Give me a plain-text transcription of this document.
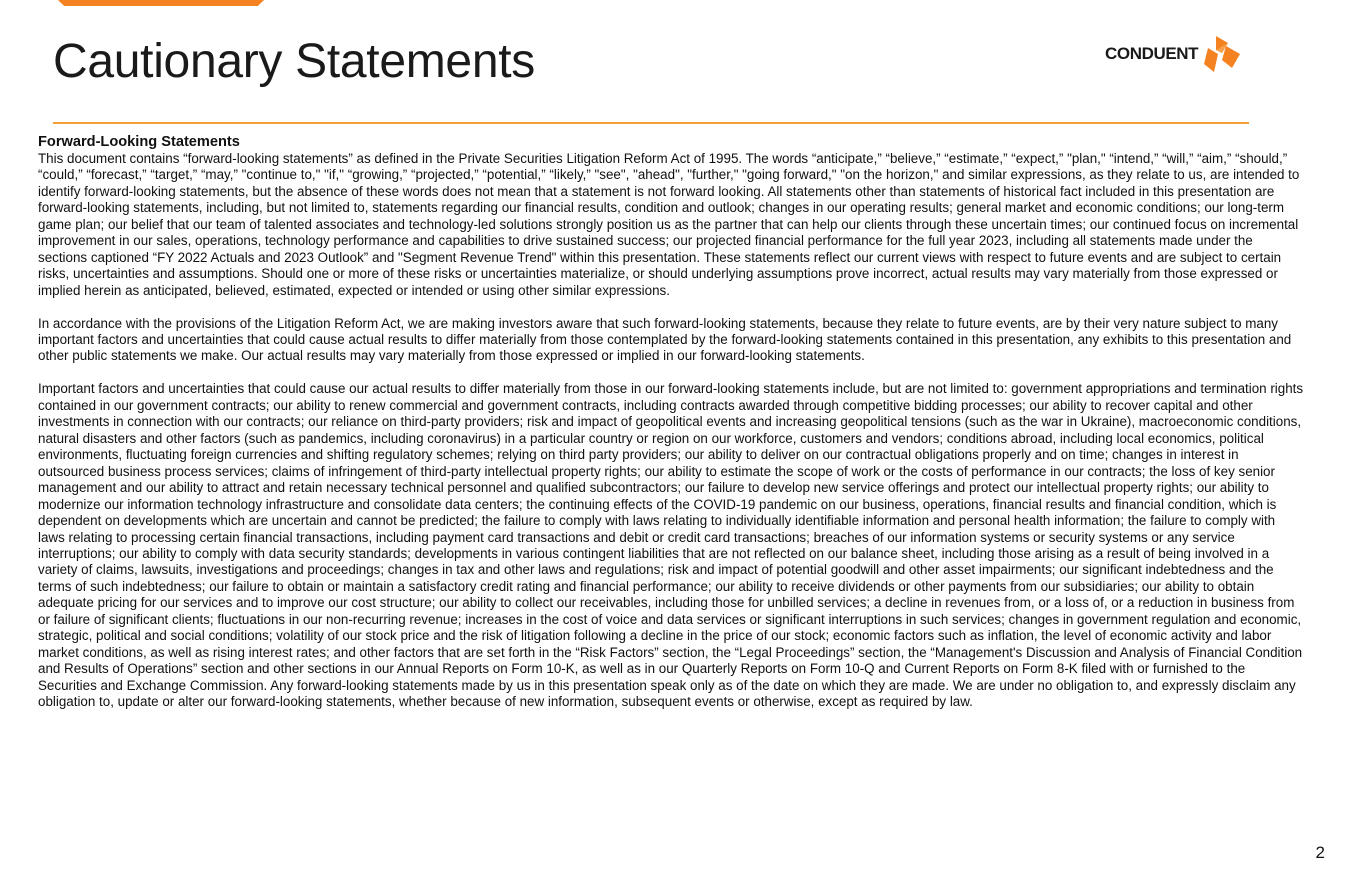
Cautionary Statements	CONDUENT
Forward-Looking Statements

This document contains “forward-looking statements” as defined in the Private Securities Litigation Reform Act of 1995. The words “anticipate,” “believe,” “estimate,” “expect,” "plan," “intend,” “will,” “aim,” “should,” “could,” “forecast,” “target,” “may,” "continue to," "if," “growing,” “projected,” “potential,” “likely,” "see", "ahead", "further," "going forward," "on the horizon," and similar expressions, as they relate to us, are intended to identify forward-looking statements, but the absence of these words does not mean that a statement is not forward looking. All statements other than statements of historical fact included in this presentation are forward-looking statements, including, but not limited to, statements regarding our financial results, condition and outlook; changes in our operating results; general market and economic conditions; our long-term game plan; our belief that our team of talented associates and technology-led solutions strongly position us as the partner that can help our clients through these uncertain times; our continued focus on incremental improvement in our sales, operations, technology performance and capabilities to drive sustained success; our projected financial performance for the full year 2023, including all statements made under the sections captioned “FY 2022 Actuals and 2023 Outlook” and "Segment Revenue Trend" within this presentation. These statements reflect our current views with respect to future events and are subject to certain risks, uncertainties and assumptions. Should one or more of these risks or uncertainties materialize, or should underlying assumptions prove incorrect, actual results may vary materially from those expressed or implied herein as anticipated, believed, estimated, expected or intended or using other similar expressions.

In accordance with the provisions of the Litigation Reform Act, we are making investors aware that such forward-looking statements, because they relate to future events, are by their very nature subject to many important factors and uncertainties that could cause actual results to differ materially from those contemplated by the forward-looking statements contained in this presentation, any exhibits to this presentation and other public statements we make. Our actual results may vary materially from those expressed or implied in our forward-looking statements.

Important factors and uncertainties that could cause our actual results to differ materially from those in our forward-looking statements include, but are not limited to: government appropriations and termination rights contained in our government contracts; our ability to renew commercial and government contracts, including contracts awarded through competitive bidding processes; our ability to recover capital and other investments in connection with our contracts; our reliance on third-party providers; risk and impact of geopolitical events and increasing geopolitical tensions (such as the war in Ukraine), macroeconomic conditions, natural disasters and other factors (such as pandemics, including coronavirus) in a particular country or region on our workforce, customers and vendors; conditions abroad, including local economics, political environments, fluctuating foreign currencies and shifting regulatory schemes; relying on third party providers; our ability to deliver on our contractual obligations properly and on time; changes in interest in outsourced business process services; claims of infringement of third-party intellectual property rights; our ability to estimate the scope of work or the costs of performance in our contracts; the loss of key senior management and our ability to attract and retain necessary technical personnel and qualified subcontractors; our failure to develop new service offerings and protect our intellectual property rights; our ability to modernize our information technology infrastructure and consolidate data centers; the continuing effects of the COVID-19 pandemic on our business, operations, financial results and financial condition, which is dependent on developments which are uncertain and cannot be predicted; the failure to comply with laws relating to individually identifiable information and personal health information; the failure to comply with laws relating to processing certain financial transactions, including payment card transactions and debit or credit card transactions; breaches of our information systems or security systems or any service interruptions; our ability to comply with data security standards; developments in various contingent liabilities that are not reflected on our balance sheet, including those arising as a result of being involved in a variety of claims, lawsuits, investigations and proceedings; changes in tax and other laws and regulations; risk and impact of potential goodwill and other asset impairments; our significant indebtedness and the terms of such indebtedness; our failure to obtain or maintain a satisfactory credit rating and financial performance; our ability to receive dividends or other payments from our subsidiaries; our ability to obtain adequate pricing for our services and to improve our cost structure; our ability to collect our receivables, including those for unbilled services; a decline in revenues from, or a loss of, or a reduction in business from or failure of significant clients; fluctuations in our non-recurring revenue; increases in the cost of voice and data services or significant interruptions in such services; changes in government regulation and economic, strategic, political and social conditions; volatility of our stock price and the risk of litigation following a decline in the price of our stock; economic factors such as inflation, the level of economic activity and labor market conditions, as well as rising interest rates; and other factors that are set forth in the “Risk Factors” section, the “Legal Proceedings” section, the “Management's Discussion and Analysis of Financial Condition and Results of Operations” section and other sections in our Annual Reports on Form 10-K, as well as in our Quarterly Reports on Form 10-Q and Current Reports on Form 8-K filed with or furnished to the Securities and Exchange Commission. Any forward-looking statements made by us in this presentation speak only as of the date on which they are made. We are under no obligation to, and expressly disclaim any obligation to, update or alter our forward-looking statements, whether because of new information, subsequent events or otherwise, except as required by law.

2
